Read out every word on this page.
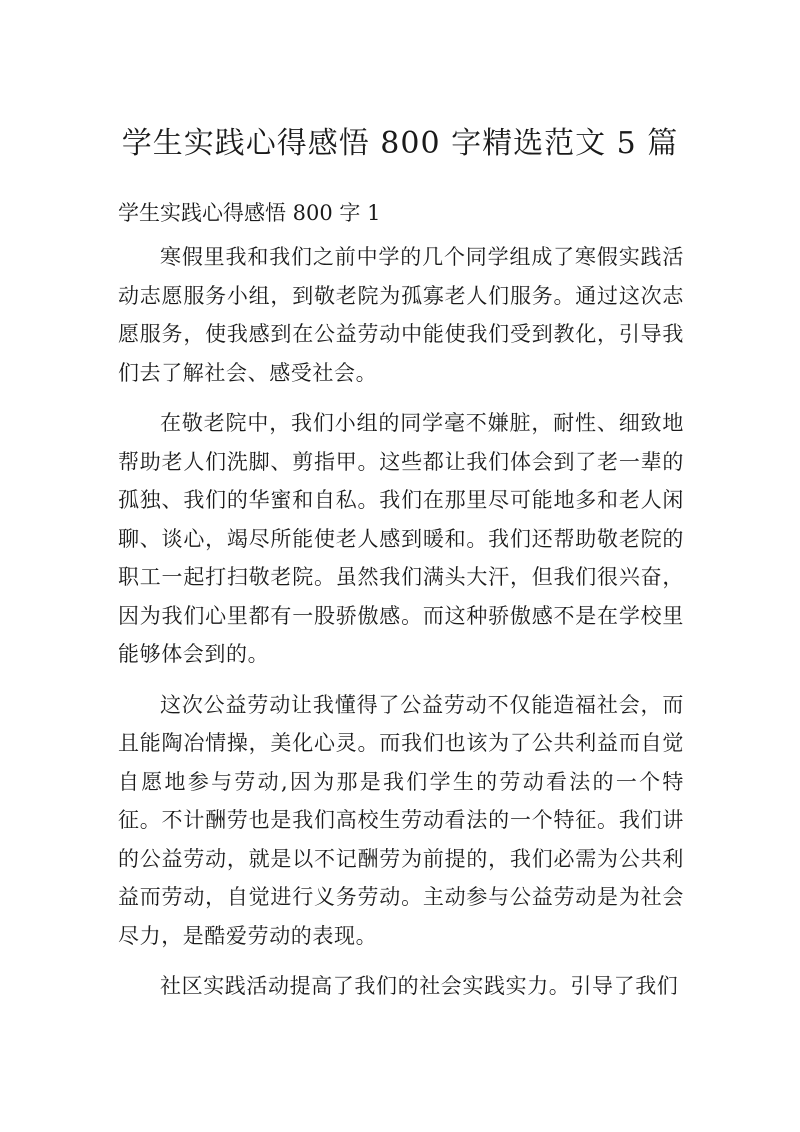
学生实践心得感悟 800 字精选范文 5 篇
学生实践心得感悟 800 字 1

寒假里我和我们之前中学的几个同学组成了寒假实践活动志愿服务小组，到敬老院为孤寡老人们服务。通过这次志愿服务，使我感到在公益劳动中能使我们受到教化，引导我们去了解社会、感受社会。

在敬老院中，我们小组的同学毫不嫌脏，耐性、细致地帮助老人们洗脚、剪指甲。这些都让我们体会到了老一辈的孤独、我们的华蜜和自私。我们在那里尽可能地多和老人闲聊、谈心，竭尽所能使老人感到暖和。我们还帮助敬老院的职工一起打扫敬老院。虽然我们满头大汗，但我们很兴奋，因为我们心里都有一股骄傲感。而这种骄傲感不是在学校里能够体会到的。

这次公益劳动让我懂得了公益劳动不仅能造福社会，而且能陶冶情操，美化心灵。而我们也该为了公共利益而自觉自愿地参与劳动,因为那是我们学生的劳动看法的一个特征。不计酬劳也是我们高校生劳动看法的一个特征。我们讲的公益劳动，就是以不记酬劳为前提的，我们必需为公共利益而劳动，自觉进行义务劳动。主动参与公益劳动是为社会尽力，是酷爱劳动的表现。

社区实践活动提高了我们的社会实践实力。引导了我们
